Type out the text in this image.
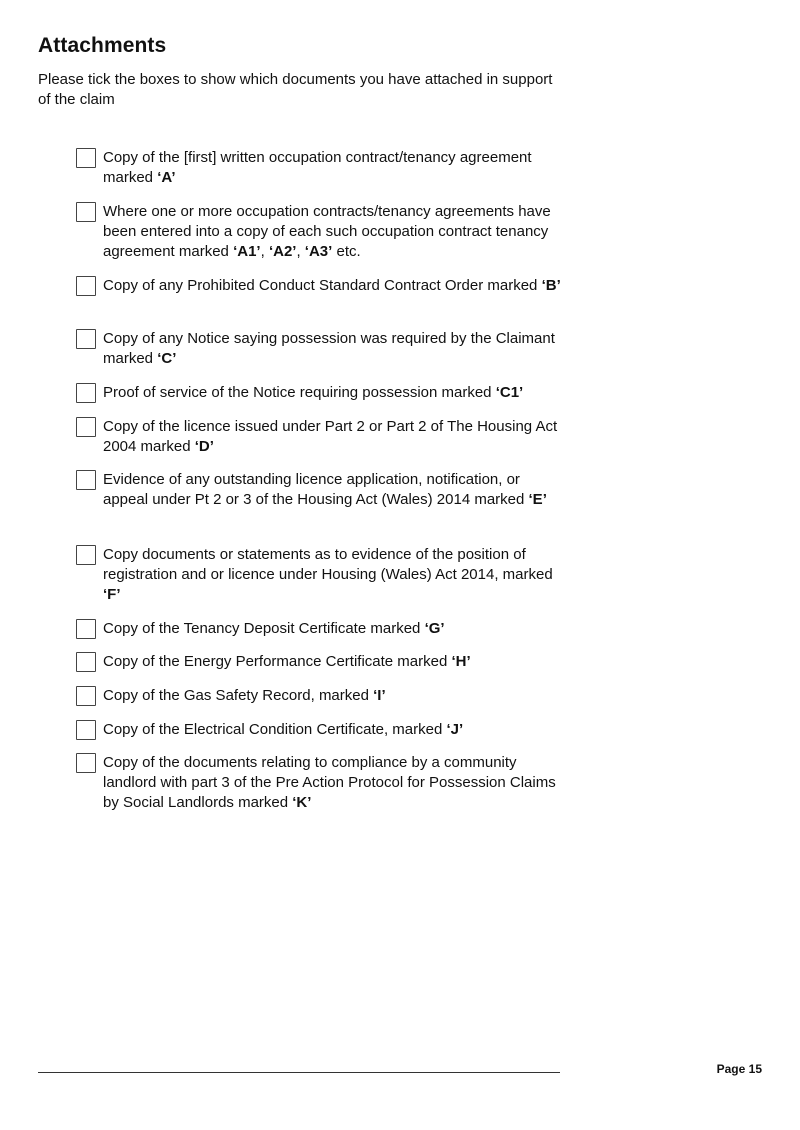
Attachments

Please tick the boxes to show which documents you have attached in support of the claim

Copy of the [first] written occupation contract/tenancy agreement marked ‘A’
Where one or more occupation contracts/tenancy agreements have been entered into a copy of each such occupation contract tenancy agreement marked ‘A1’, ‘A2’, ‘A3’ etc.
Copy of any Prohibited Conduct Standard Contract Order marked ‘B’
Copy of any Notice saying possession was required by the Claimant marked ‘C’
Proof of service of the Notice requiring possession marked ‘C1’
Copy of the licence issued under Part 2 or Part 2 of The Housing Act 2004 marked ‘D’
Evidence of any outstanding licence application, notification, or appeal under Pt 2 or 3 of the Housing Act (Wales) 2014 marked ‘E’
Copy documents or statements as to evidence of the position of registration and or licence under Housing (Wales) Act 2014, marked ‘F’
Copy of the Tenancy Deposit Certificate marked ‘G’
Copy of the Energy Performance Certificate marked ‘H’
Copy of the Gas Safety Record, marked ‘I’
Copy of the Electrical Condition Certificate, marked ‘J’
Copy of the documents relating to compliance by a community landlord with part 3 of the Pre Action Protocol for Possession Claims by Social Landlords marked ‘K’
Page 15
